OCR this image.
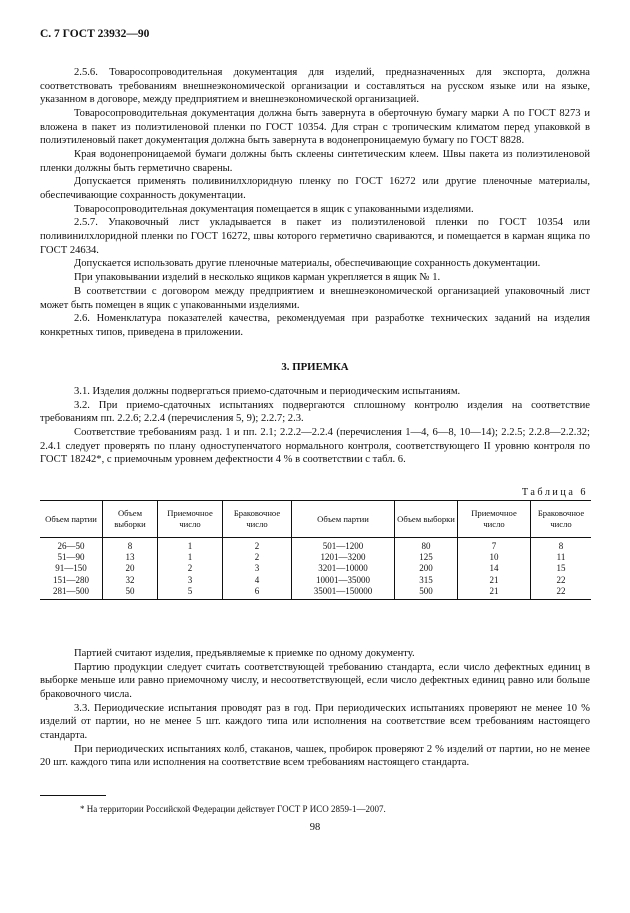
С. 7 ГОСТ 23932—90

2.5.6. Товаросопроводительная документация для изделий, предназначенных для экспорта, должна соответствовать требованиям внешнеэкономической организации и составляться на русском языке или на языке, указанном в договоре, между предприятием и внешнеэкономической организацией.

Товаросопроводительная документация должна быть завернута в оберточную бумагу марки А по ГОСТ 8273 и вложена в пакет из полиэтиленовой пленки по ГОСТ 10354. Для стран с тропическим климатом перед упаковкой в полиэтиленовый пакет документация должна быть завернута в водонепроницаемую бумагу по ГОСТ 8828.

Края водонепроницаемой бумаги должны быть склеены синтетическим клеем. Швы пакета из полиэтиленовой пленки должны быть герметично сварены.

Допускается применять поливинилхлоридную пленку по ГОСТ 16272 или другие пленочные материалы, обеспечивающие сохранность документации.

Товаросопроводительная документация помещается в ящик с упакованными изделиями.

2.5.7. Упаковочный лист укладывается в пакет из полиэтиленовой пленки по ГОСТ 10354 или поливинилхлоридной пленки по ГОСТ 16272, швы которого герметично свариваются, и помещается в карман ящика по ГОСТ 24634.

Допускается использовать другие пленочные материалы, обеспечивающие сохранность документации.

При упаковывании изделий в несколько ящиков карман укрепляется в ящик № 1.

В соответствии с договором между предприятием и внешнеэкономической организацией упаковочный лист может быть помещен в ящик с упакованными изделиями.

2.6. Номенклатура показателей качества, рекомендуемая при разработке технических заданий на изделия конкретных типов, приведена в приложении.

3. ПРИЕМКА

3.1. Изделия должны подвергаться приемо-сдаточным и периодическим испытаниям.

3.2. При приемо-сдаточных испытаниях подвергаются сплошному контролю изделия на соответствие требованиям пп. 2.2.6; 2.2.4 (перечисления 5, 9); 2.2.7; 2.3.

Соответствие требованиям разд. 1 и пп. 2.1; 2.2.2—2.2.4 (перечисления 1—4, 6—8, 10—14); 2.2.5; 2.2.8—2.2.32; 2.4.1 следует проверять по плану одноступенчатого нормального контроля, соответствующего II уровню контроля по ГОСТ 18242*, с приемочным уровнем дефектности 4 % в соответствии с табл. 6.

Таблица 6
Объем партии	Объем выборки	Приемочное число	Браковочное число	Объем партии	Объем выборки	Приемочное число	Браковочное число
26—50	8	1	2	501—1200	80	7	8
51—90	13	1	2	1201—3200	125	10	11
91—150	20	2	3	3201—10000	200	14	15
151—280	32	3	4	10001—35000	315	21	22
281—500	50	5	6	35001—150000	500	21	22

Партией считают изделия, предъявляемые к приемке по одному документу.

Партию продукции следует считать соответствующей требованию стандарта, если число дефектных единиц в выборке меньше или равно приемочному числу, и несоответствующей, если число дефектных единиц равно или больше браковочного числа.

3.3. Периодические испытания проводят раз в год. При периодических испытаниях проверяют не менее 10 % изделий от партии, но не менее 5 шт. каждого типа или исполнения на соответствие всем требованиям настоящего стандарта.

При периодических испытаниях колб, стаканов, чашек, пробирок проверяют 2 % изделий от партии, но не менее 20 шт. каждого типа или исполнения на соответствие всем требованиям настоящего стандарта.

* На территории Российской Федерации действует ГОСТ Р ИСО 2859-1—2007.
98
